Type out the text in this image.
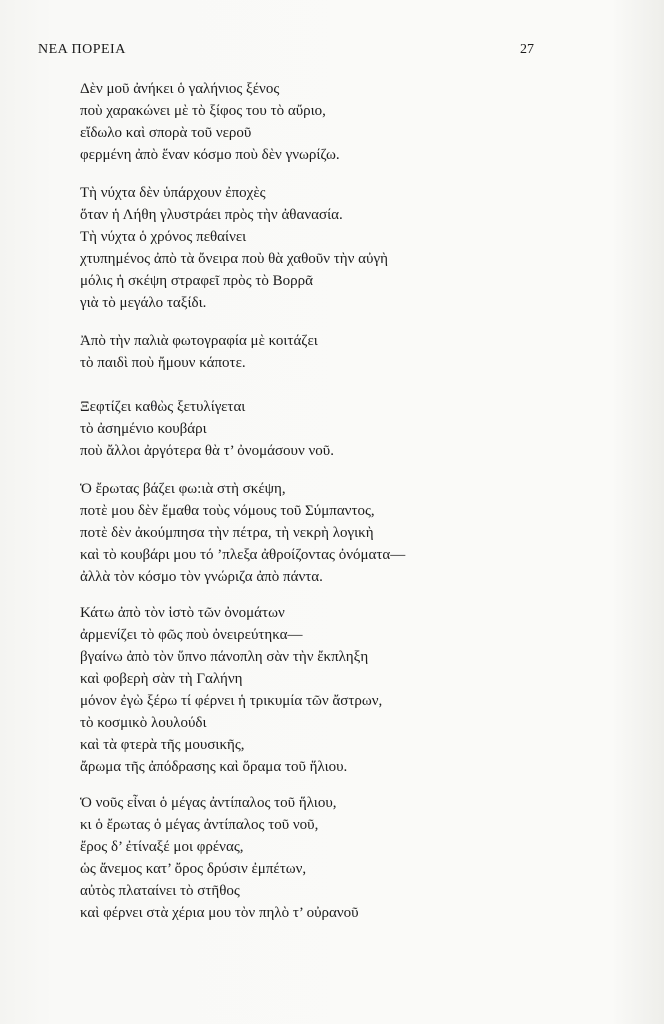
ΝΕΑ ΠΟΡΕΙΑ	27
Δὲν μοῦ ἀνήκει ὁ γαλήνιος ξένος
ποὺ χαρακώνει μὲ τὸ ξίφος του τὸ αὔριο,
εἴδωλο καὶ σπορὰ τοῦ νεροῦ
φερμένη ἀπὸ ἕναν κόσμο ποὺ δὲν γνωρίζω.
Τὴ νύχτα δὲν ὑπάρχουν ἐποχὲς
ὅταν ἡ Λήθη γλυστράει πρὸς τὴν ἀθανασία.
Τὴ νύχτα ὁ χρόνος πεθαίνει
χτυπημένος ἀπὸ τὰ ὄνειρα ποὺ θὰ χαθοῦν τὴν αὐγὴ
μόλις ἡ σκέψη στραφεῖ πρὸς τὸ Βορρᾶ
γιὰ τὸ μεγάλο ταξίδι.
Ἀπὸ τὴν παλιὰ φωτογραφία μὲ κοιτάζει
τὸ παιδὶ ποὺ ἤμουν κάποτε.
Ξεφτίζει καθὼς ξετυλίγεται
τὸ ἀσημένιο κουβάρι
ποὺ ἄλλοι ἀργότερα θὰ τ’ ὀνομάσουν νοῦ.
Ὁ ἔρωτας βάζει φω:ιὰ στὴ σκέψη,
ποτὲ μου δὲν ἔμαθα τοὺς νόμους τοῦ Σύμπαντος,
ποτὲ δὲν ἀκούμπησα τὴν πέτρα, τὴ νεκρὴ λογικὴ
καὶ τὸ κουβάρι μου τό ’πλεξα ἀθροίζοντας ὀνόματα—
ἀλλὰ τὸν κόσμο τὸν γνώριζα ἀπὸ πάντα.
Κάτω ἀπὸ τὸν ἱστὸ τῶν ὀνομάτων
ἀρμενίζει τὸ φῶς ποὺ ὀνειρεύτηκα—
βγαίνω ἀπὸ τὸν ὕπνο πάνοπλη σὰν τὴν ἔκπληξη
καὶ φοβερὴ σὰν τὴ Γαλήνη
μόνον ἐγὼ ξέρω τί φέρνει ἡ τρικυμία τῶν ἄστρων,
τὸ κοσμικὸ λουλούδι
καὶ τὰ φτερὰ τῆς μουσικῆς,
ἄρωμα τῆς ἀπόδρασης καὶ ὅραμα τοῦ ἥλιου.
Ὁ νοῦς εἶναι ὁ μέγας ἀντίπαλος τοῦ ἥλιου,
κι ὁ ἔρωτας ὁ μέγας ἀντίπαλος τοῦ νοῦ,
ἔρος δ’ ἐτίναξέ μοι φρένας,
ὡς ἄνεμος κατ’ ὄρος δρύσιν ἐμπέτων,
αὐτὸς πλαταίνει τὸ στῆθος
καὶ φέρνει στὰ χέρια μου τὸν πηλὸ τ’ οὐρανοῦ
